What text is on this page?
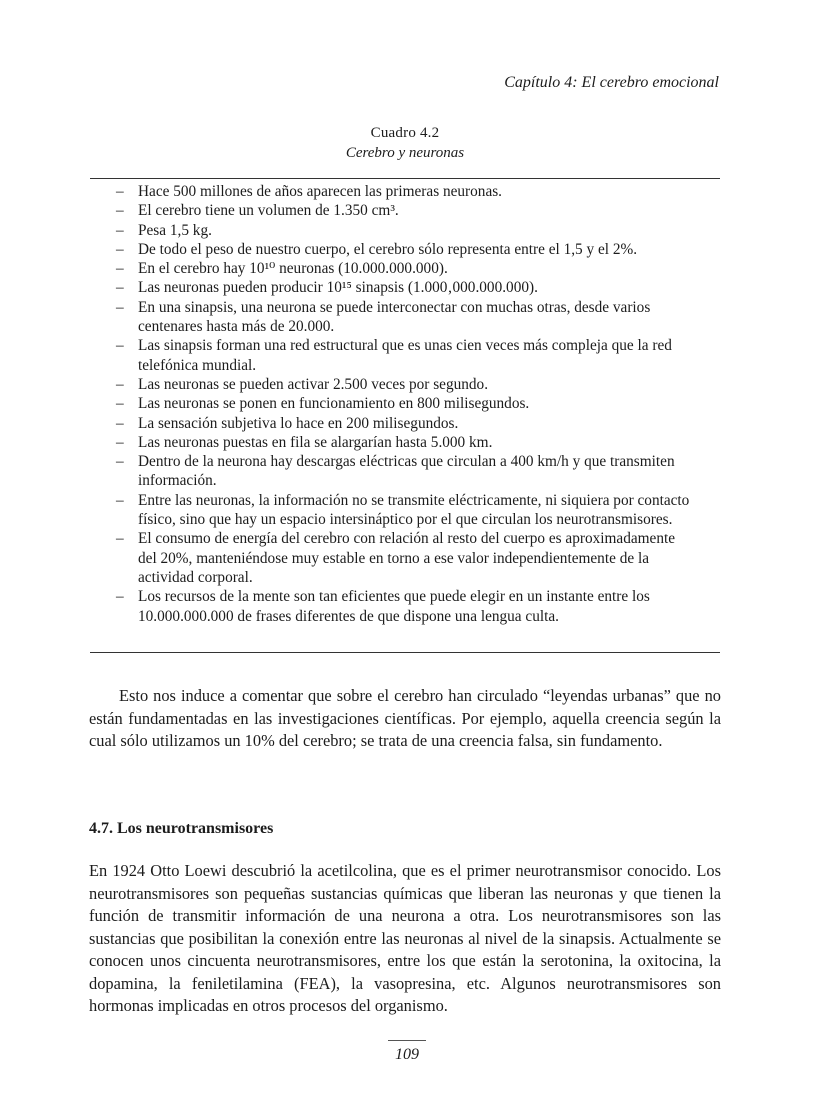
Capítulo 4: El cerebro emocional
Cuadro 4.2
Cerebro y neuronas
– Hace 500 millones de años aparecen las primeras neuronas.
– El cerebro tiene un volumen de 1.350 cm³.
– Pesa 1,5 kg.
– De todo el peso de nuestro cuerpo, el cerebro sólo representa entre el 1,5 y el 2%.
– En el cerebro hay 10¹⁰ neuronas (10.000.000.000).
– Las neuronas pueden producir 10¹⁵ sinapsis (1.000‚000.000.000).
– En una sinapsis, una neurona se puede interconectar con muchas otras, desde varios centenares hasta más de 20.000.
– Las sinapsis forman una red estructural que es unas cien veces más compleja que la red telefónica mundial.
– Las neuronas se pueden activar 2.500 veces por segundo.
– Las neuronas se ponen en funcionamiento en 800 milisegundos.
– La sensación subjetiva lo hace en 200 milisegundos.
– Las neuronas puestas en fila se alargarían hasta 5.000 km.
– Dentro de la neurona hay descargas eléctricas que circulan a 400 km/h y que transmiten información.
– Entre las neuronas, la información no se transmite eléctricamente, ni siquiera por contacto físico, sino que hay un espacio intersináptico por el que circulan los neurotransmisores.
– El consumo de energía del cerebro con relación al resto del cuerpo es aproximadamente del 20%, manteniéndose muy estable en torno a ese valor independientemente de la actividad corporal.
– Los recursos de la mente son tan eficientes que puede elegir en un instante entre los 10.000.000.000 de frases diferentes de que dispone una lengua culta.

Esto nos induce a comentar que sobre el cerebro han circulado “leyendas urbanas” que no están fundamentadas en las investigaciones científicas. Por ejemplo, aquella creencia según la cual sólo utilizamos un 10% del cerebro; se trata de una creencia falsa, sin fundamento.

4.7. Los neurotransmisores

En 1924 Otto Loewi descubrió la acetilcolina, que es el primer neurotransmisor conocido. Los neurotransmisores son pequeñas sustancias químicas que liberan las neuronas y que tienen la función de transmitir información de una neurona a otra. Los neurotransmisores son las sustancias que posibilitan la conexión entre las neuronas al nivel de la sinapsis. Actualmente se conocen unos cincuenta neurotransmisores, entre los que están la serotonina, la oxitocina, la dopamina, la feniletilamina (FEA), la vasopresina, etc. Algunos neurotransmisores son hormonas implicadas en otros procesos del organismo.

109
